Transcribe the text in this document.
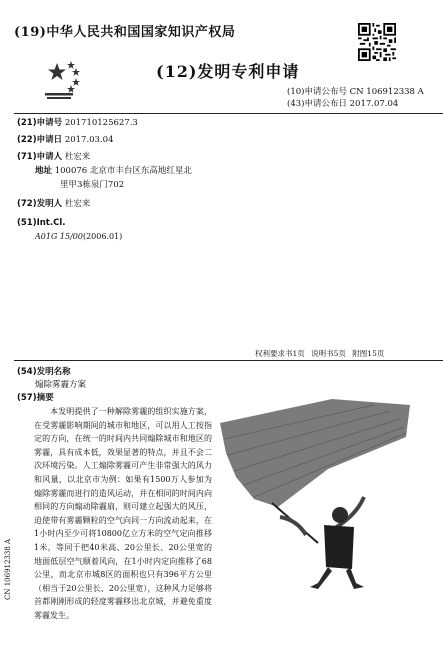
(19)中华人民共和国国家知识产权局
(12)发明专利申请
(10)申请公布号 CN 106912338 A
(43)申请公布日 2017.07.04
(21)申请号 201710125627.3
(22)申请日 2017.03.04
(71)申请人 杜宏来
地址 100076 北京市丰台区东高地红星北
里甲3栋泉门702
(72)发明人 杜宏来
(51)Int.Cl.
A01G 15/00(2006.01)
权利要求书1页 说明书5页 附图15页
(54)发明名称
煽除雾霾方案
(57)摘要
本发明提供了一种解除雾霾的组织实施方案，在受雾霾影响期间的城市和地区，可以用人工按指定的方向，在统一的时间内共同煽除城市和地区的雾霾，具有成本低，效果显著的特点，并且不会二次环境污染。人工煽除雾霾可产生非常强大的风力和风量，以北京市为例：如果有1500万人参加为煽除雾霾而进行的造风运动，并在相同的时间内向相同的方向煽动除霾扇，则可建立起强大的风压，迫使带有雾霾颗粒的空气向同一方向流动起来，在1小时内至少可将10800亿立方米的空气定向推移1米，等同于把40米高、20公里长、20公里宽的地面低层空气顺着风向，在1小时内定向推移了68公里，而北京市城8区的面积也只有396平方公里（相当于20公里长、20公里宽），这种风力足够将首都刚刚形成的轻度雾霾移出北京城，并避免重度雾霾发生。
CN 106912338 A
